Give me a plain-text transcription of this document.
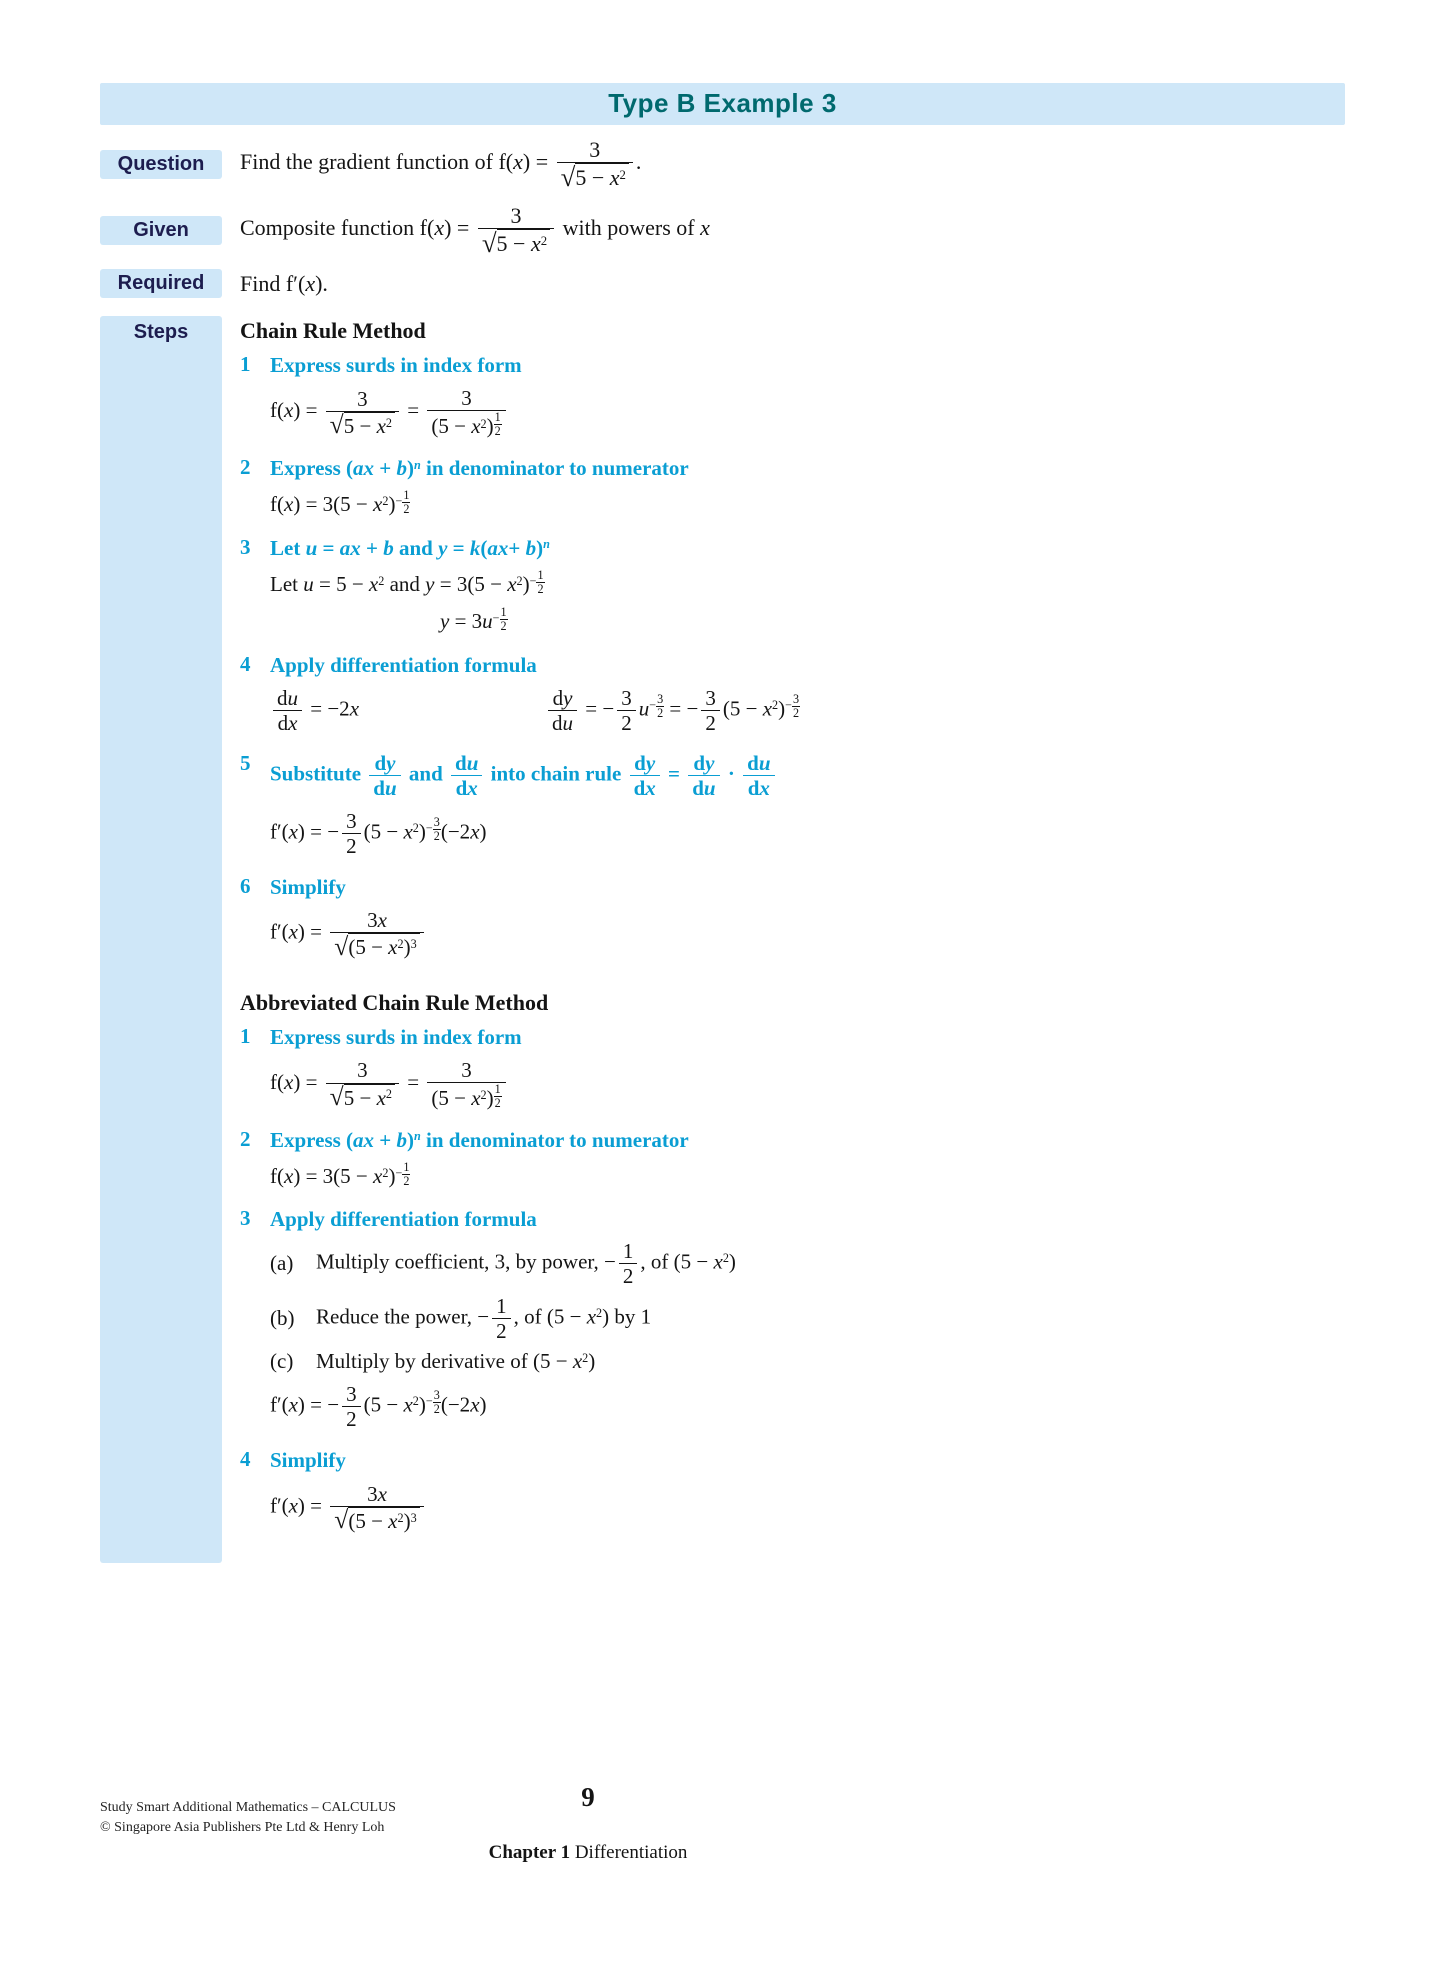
Type B Example 3
Question	Find the gradient function of $f(x) = \frac{3}{√ 5 - x2}$ .
Given	Composite function $f(x) = \frac{3}{√ 5 - x2}$ with powers of x
Required	Find f′(x).
Steps	Chain Rule Method
1 Express surds in index form
$f(x) = \frac{3}{√ 5 - x2} = \frac{3}{(5 - x2) \frac{1}{2}}$
2 Express (ax + b)n in denominator to numerator
$f(x) = 3(5 - x2)- \frac{1}{2}$
3 Let u = ax + b and y = k(ax+ b)n
Let u = 5 − x2 and $y = 3(5 - x2)- \frac{1}{2}$
$y = 3u- \frac{1}{2}$
4 Apply differentiation formula
$\frac{du}{dx} = -2x$	$\frac{dy}{du}$ = − $\frac{3}{2} u- \frac{3}{2}$ = − $\frac{3}{2} (5 - x2)- \frac{3}{2}$
5 Substitute $\frac{dy}{du}$ and $\frac{du}{dx}$ into chain rule $\frac{dy}{dx} = \frac{dy}{du} \cdot \frac{du}{dx}$
f′(x) = − $\frac{3}{2} (5 - x2)- \frac{3}{2} (-2x)$
6 Simplify
$f'(x) = \frac{3x}{√ (5 - x2)3}$
Abbreviated Chain Rule Method
1 Express surds in index form
$f(x) = \frac{3}{√ 5 - x2} = \frac{3}{(5 - x2) \frac{1}{2}}$
2 Express (ax + b)n in denominator to numerator
$f(x) = 3(5 - x2)- \frac{1}{2}$
3 Apply differentiation formula
(a)	Multiply coefficient, 3, by power, − $\frac{1}{2}$ , of (5 − x2)
(b)	Reduce the power, − $\frac{1}{2}$ , of (5 − x2) by 1
(c)	Multiply by derivative of (5 − x2)
f′(x) = − $\frac{3}{2} (5 - x2)- \frac{3}{2} (-2x)$
4 Simplify
$f'(x) = \frac{3x}{√ (5 - x2)3}$
Study Smart Additional Mathematics – CALCULUS
© Singapore Asia Publishers Pte Ltd & Henry Loh
9
Chapter 1 Differentiation
